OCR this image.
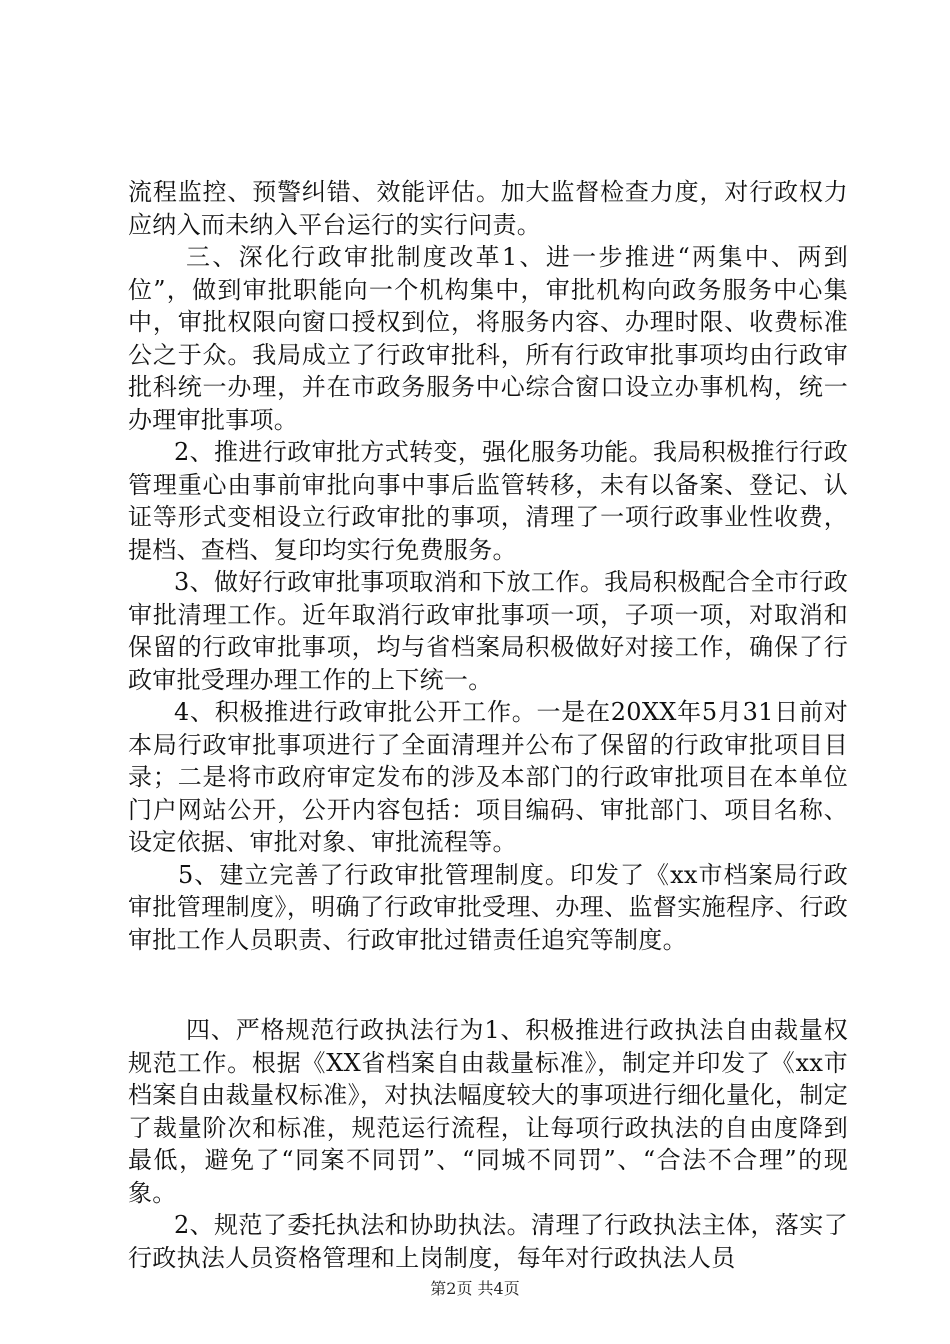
流程监控、预警纠错、效能评估。加大监督检查力度，对行政权力应纳入而未纳入平台运行的实行问责。

三、深化行政审批制度改革1、进一步推进“两集中、两到位”，做到审批职能向一个机构集中，审批机构向政务服务中心集中，审批权限向窗口授权到位，将服务内容、办理时限、收费标准公之于众。我局成立了行政审批科，所有行政审批事项均由行政审批科统一办理，并在市政务服务中心综合窗口设立办事机构，统一办理审批事项。

2、推进行政审批方式转变，强化服务功能。我局积极推行行政管理重心由事前审批向事中事后监管转移，未有以备案、登记、认证等形式变相设立行政审批的事项，清理了一项行政事业性收费，提档、查档、复印均实行免费服务。

3、做好行政审批事项取消和下放工作。我局积极配合全市行政审批清理工作。近年取消行政审批事项一项，子项一项，对取消和保留的行政审批事项，均与省档案局积极做好对接工作，确保了行政审批受理办理工作的上下统一。

4、积极推进行政审批公开工作。一是在20XX年5月31日前对本局行政审批事项进行了全面清理并公布了保留的行政审批项目目录；二是将市政府审定发布的涉及本部门的行政审批项目在本单位门户网站公开，公开内容包括：项目编码、审批部门、项目名称、设定依据、审批对象、审批流程等。

5、建立完善了行政审批管理制度。印发了《xx市档案局行政审批管理制度》，明确了行政审批受理、办理、监督实施程序、行政审批工作人员职责、行政审批过错责任追究等制度。

四、严格规范行政执法行为1、积极推进行政执法自由裁量权规范工作。根据《XX省档案自由裁量标准》，制定并印发了《xx市档案自由裁量权标准》，对执法幅度较大的事项进行细化量化，制定了裁量阶次和标准，规范运行流程，让每项行政执法的自由度降到最低，避免了“同案不同罚”、“同城不同罚”、“合法不合理”的现象。

2、规范了委托执法和协助执法。清理了行政执法主体，落实了行政执法人员资格管理和上岗制度，每年对行政执法人员

第2页 共4页
